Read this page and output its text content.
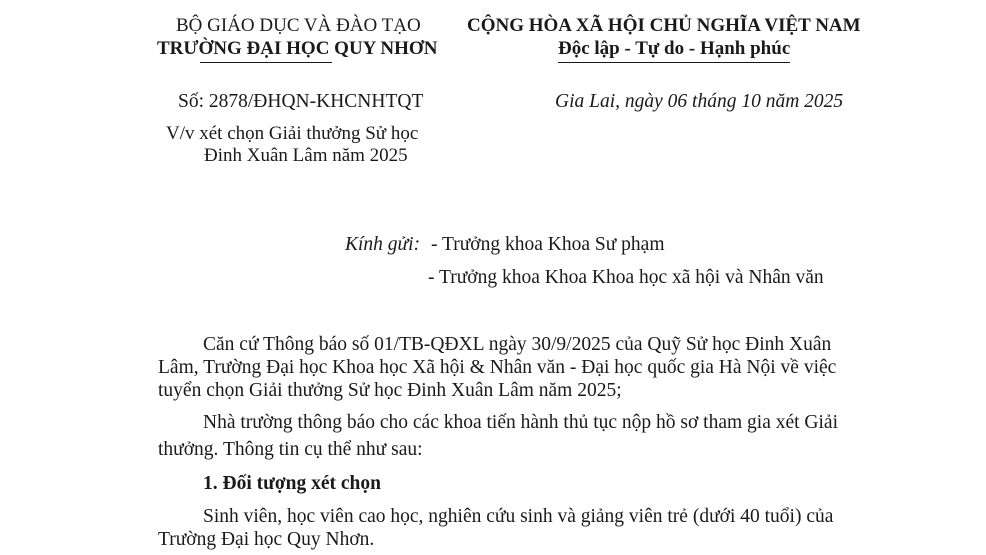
BỘ GIÁO DỤC VÀ ĐÀO TẠO
TRƯỜNG ĐẠI HỌC QUY NHƠN
Số: 2878/ĐHQN-KHCNHTQT
V/v xét chọn Giải thưởng Sử học
Đinh Xuân Lâm năm 2025
CỘNG HÒA XÃ HỘI CHỦ NGHĨA VIỆT NAM
Độc lập - Tự do - Hạnh phúc
Gia Lai, ngày 06 tháng 10 năm 2025
Kính gửi: - Trưởng khoa Khoa Sư phạm
- Trưởng khoa Khoa Khoa học xã hội và Nhân văn
Căn cứ Thông báo số 01/TB-QĐXL ngày 30/9/2025 của Quỹ Sử học Đinh Xuân
Lâm, Trường Đại học Khoa học Xã hội & Nhân văn - Đại học quốc gia Hà Nội về việc
tuyển chọn Giải thưởng Sử học Đinh Xuân Lâm năm 2025;
Nhà trường thông báo cho các khoa tiến hành thủ tục nộp hồ sơ tham gia xét Giải
thưởng. Thông tin cụ thể như sau:
1. Đối tượng xét chọn
Sinh viên, học viên cao học, nghiên cứu sinh và giảng viên trẻ (dưới 40 tuổi) của
Trường Đại học Quy Nhơn.
